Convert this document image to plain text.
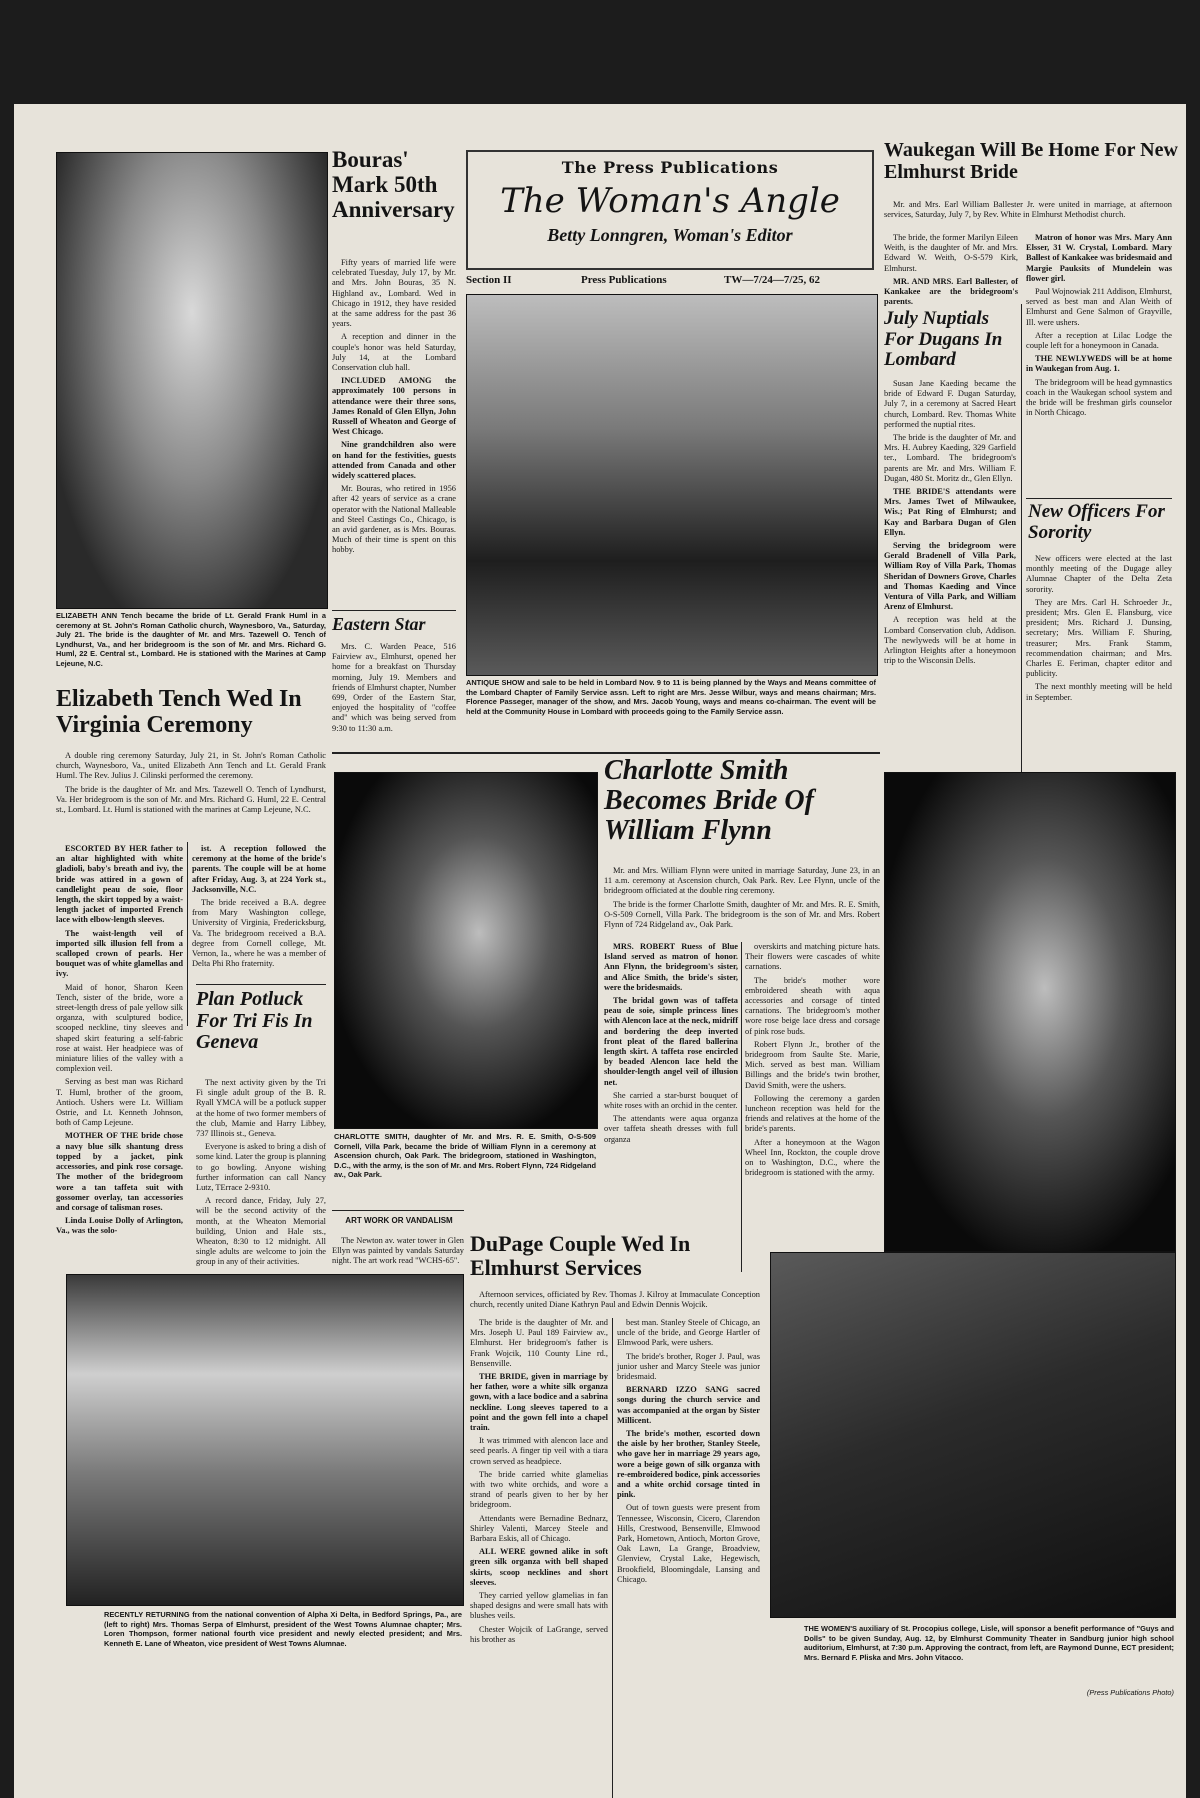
ELIZABETH ANN Tench became the bride of Lt. Gerald Frank Huml in a ceremony at St. John's Roman Catholic church, Waynesboro, Va., Saturday, July 21. The bride is the daughter of Mr. and Mrs. Tazewell O. Tench of Lyndhurst, Va., and her bridegroom is the son of Mr. and Mrs. Richard G. Huml, 22 E. Central st., Lombard. He is stationed with the Marines at Camp Lejeune, N.C.
Elizabeth Tench Wed In Virginia Ceremony

A double ring ceremony Saturday, July 21, in St. John's Roman Catholic church, Waynesboro, Va., united Elizabeth Ann Tench and Lt. Gerald Frank Huml. The Rev. Julius J. Cilinski performed the ceremony.

The bride is the daughter of Mr. and Mrs. Tazewell O. Tench of Lyndhurst, Va. Her bridegroom is the son of Mr. and Mrs. Richard G. Huml, 22 E. Central st., Lombard. Lt. Huml is stationed with the marines at Camp Lejeune, N.C.

ESCORTED BY HER father to an altar highlighted with white gladioli, baby's breath and ivy, the bride was attired in a gown of candlelight peau de soie, floor length, the skirt topped by a waist-length jacket of imported French lace with elbow-length sleeves.

The waist-length veil of imported silk illusion fell from a scalloped crown of pearls. Her bouquet was of white glamellas and ivy.

Maid of honor, Sharon Keen Tench, sister of the bride, wore a street-length dress of pale yellow silk organza, with sculptured bodice, scooped neckline, tiny sleeves and shaped skirt featuring a self-fabric rose at waist. Her headpiece was of miniature lilies of the valley with a complexion veil.

Serving as best man was Richard T. Huml, brother of the groom, Antioch. Ushers were Lt. William Ostrie, and Lt. Kenneth Johnson, both of Camp Lejeune.

MOTHER OF THE bride chose a navy blue silk shantung dress topped by a jacket, pink accessories, and pink rose corsage. The mother of the bridegroom wore a tan taffeta suit with gossomer overlay, tan accessories and corsage of talisman roses.

Linda Louise Dolly of Arlington, Va., was the solo-

ist. A reception followed the ceremony at the home of the bride's parents. The couple will be at home after Friday, Aug. 3, at 224 York st., Jacksonville, N.C.

The bride received a B.A. degree from Mary Washington college, University of Virginia, Fredericksburg, Va. The bridegroom received a B.A. degree from Cornell college, Mt. Vernon, Ia., where he was a member of Delta Phi Rho fraternity.

Plan Potluck For Tri Fis In Geneva

The next activity given by the Tri Fi single adult group of the B. R. Ryall YMCA will be a potluck supper at the home of two former members of the club, Mamie and Harry Libbey, 737 Illinois st., Geneva.

Everyone is asked to bring a dish of some kind. Later the group is planning to go bowling. Anyone wishing further information can call Nancy Lutz, TErrace 2-9310.

A record dance, Friday, July 27, will be the second activity of the month, at the Wheaton Memorial building, Union and Hale sts., Wheaton, 8:30 to 12 midnight. All single adults are welcome to join the group in any of their activities.

Bouras' Mark 50th Anniversary

Fifty years of married life were celebrated Tuesday, July 17, by Mr. and Mrs. John Bouras, 35 N. Highland av., Lombard. Wed in Chicago in 1912, they have resided at the same address for the past 36 years.

A reception and dinner in the couple's honor was held Saturday, July 14, at the Lombard Conservation club hall.

INCLUDED AMONG the approximately 100 persons in attendance were their three sons, James Ronald of Glen Ellyn, John Russell of Wheaton and George of West Chicago.

Nine grandchildren also were on hand for the festivities, guests attended from Canada and other widely scattered places.

Mr. Bouras, who retired in 1956 after 42 years of service as a crane operator with the National Malleable and Steel Castings Co., Chicago, is an avid gardener, as is Mrs. Bouras. Much of their time is spent on this hobby.

Eastern Star

Mrs. C. Warden Peace, 516 Fairview av., Elmhurst, opened her home for a breakfast on Thursday morning, July 19. Members and friends of Elmhurst chapter, Number 699, Order of the Eastern Star, enjoyed the hospitality of "coffee and" which was being served from 9:30 to 11:30 a.m.

The Press Publications
The Woman's Angle
Betty Lonngren, Woman's Editor
Section II	Press Publications	TW—7/24—7/25, 62
ANTIQUE SHOW and sale to be held in Lombard Nov. 9 to 11 is being planned by the Ways and Means committee of the Lombard Chapter of Family Service assn. Left to right are Mrs. Jesse Wilbur, ways and means chairman; Mrs. Florence Passeger, manager of the show, and Mrs. Jacob Young, ways and means co-chairman. The event will be held at the Community House in Lombard with proceeds going to the Family Service assn.
Waukegan Will Be Home For New Elmhurst Bride

Mr. and Mrs. Earl William Ballester Jr. were united in marriage, at afternoon services, Saturday, July 7, by Rev. White in Elmhurst Methodist church.

The bride, the former Marilyn Eileen Weith, is the daughter of Mr. and Mrs. Edward W. Weith, O-S-579 Kirk, Elmhurst.

MR. AND MRS. Earl Ballester, of Kankakee are the bridegroom's parents.

Matron of honor was Mrs. Mary Ann Elsser, 31 W. Crystal, Lombard. Mary Ballest of Kankakee was bridesmaid and Margie Pauksits of Mundelein was flower girl.

Paul Wojnowiak 211 Addison, Elmhurst, served as best man and Alan Weith of Elmhurst and Gene Salmon of Grayville, Ill. were ushers.

After a reception at Lilac Lodge the couple left for a honeymoon in Canada.

THE NEWLYWEDS will be at home in Waukegan from Aug. 1.

The bridegroom will be head gymnastics coach in the Waukegan school system and the bride will be freshman girls counselor in North Chicago.

July Nuptials For Dugans In Lombard

Susan Jane Kaeding became the bride of Edward F. Dugan Saturday, July 7, in a ceremony at Sacred Heart church, Lombard. Rev. Thomas White performed the nuptial rites.

The bride is the daughter of Mr. and Mrs. H. Aubrey Kaeding, 329 Garfield ter., Lombard. The bridegroom's parents are Mr. and Mrs. William F. Dugan, 480 St. Moritz dr., Glen Ellyn.

THE BRIDE'S attendants were Mrs. James Twet of Milwaukee, Wis.; Pat Ring of Elmhurst; and Kay and Barbara Dugan of Glen Ellyn.

Serving the bridegroom were Gerald Bradenell of Villa Park, William Roy of Villa Park, Thomas Sheridan of Downers Grove, Charles and Thomas Kaeding and Vince Ventura of Villa Park, and William Arenz of Elmhurst.

A reception was held at the Lombard Conservation club, Addison. The newlyweds will be at home in Arlington Heights after a honeymoon trip to the Wisconsin Dells.

New Officers For Sorority

New officers were elected at the last monthly meeting of the Dugage alley Alumnae Chapter of the Delta Zeta sorority.

They are Mrs. Carl H. Schroeder Jr., president; Mrs. Glen E. Flansburg, vice president; Mrs. Richard J. Dunsing, secretary; Mrs. William F. Shuring, treasurer; Mrs. Frank Stamm, recommendation chairman; and Mrs. Charles E. Feriman, chapter editor and publicity.

The next monthly meeting will be held in September.

CHARLOTTE SMITH, daughter of Mr. and Mrs. R. E. Smith, O-S-509 Cornell, Villa Park, became the bride of William Flynn in a ceremony at Ascension church, Oak Park. The bridegroom, stationed in Washington, D.C., with the army, is the son of Mr. and Mrs. Robert Flynn, 724 Ridgeland av., Oak Park.
Charlotte Smith Becomes Bride Of William Flynn

Mr. and Mrs. William Flynn were united in marriage Saturday, June 23, in an 11 a.m. ceremony at Ascension church, Oak Park. Rev. Lee Flynn, uncle of the bridegroom officiated at the double ring ceremony.

The bride is the former Charlotte Smith, daughter of Mr. and Mrs. R. E. Smith, O-S-509 Cornell, Villa Park. The bridegroom is the son of Mr. and Mrs. Robert Flynn of 724 Ridgeland av., Oak Park.

MRS. ROBERT Ruess of Blue Island served as matron of honor. Ann Flynn, the bridegroom's sister, and Alice Smith, the bride's sister, were the bridesmaids.

The bridal gown was of taffeta peau de soie, simple princess lines with Alencon lace at the neck, midriff and bordering the deep inverted front pleat of the flared ballerina length skirt. A taffeta rose encircled by beaded Alencon lace held the shoulder-length angel veil of illusion net.

She carried a star-burst bouquet of white roses with an orchid in the center.

The attendants were aqua organza over taffeta sheath dresses with full organza

overskirts and matching picture hats. Their flowers were cascades of white carnations.

The bride's mother wore embroidered sheath with aqua accessories and corsage of tinted carnations. The bridegroom's mother wore rose beige lace dress and corsage of pink rose buds.

Robert Flynn Jr., brother of the bridegroom from Saulte Ste. Marie, Mich. served as best man. William Billings and the bride's twin brother, David Smith, were the ushers.

Following the ceremony a garden luncheon reception was held for the friends and relatives at the home of the bride's parents.

After a honeymoon at the Wagon Wheel Inn, Rockton, the couple drove on to Washington, D.C., where the bridegroom is stationed with the army.

ART WORK OR VANDALISM

The Newton av. water tower in Glen Ellyn was painted by vandals Saturday night. The art work read "WCHS-65".

RECENTLY RETURNING from the national convention of Alpha Xi Delta, in Bedford Springs, Pa., are (left to right) Mrs. Thomas Serpa of Elmhurst, president of the West Towns Alumnae chapter; Mrs. Loren Thompson, former national fourth vice president and newly elected president; and Mrs. Kenneth E. Lane of Wheaton, vice president of West Towns Alumnae.
DuPage Couple Wed In Elmhurst Services

Afternoon services, officiated by Rev. Thomas J. Kilroy at Immaculate Conception church, recently united Diane Kathryn Paul and Edwin Dennis Wojcik.

The bride is the daughter of Mr. and Mrs. Joseph U. Paul 189 Fairview av., Elmhurst. Her bridegroom's father is Frank Wojcik, 110 County Line rd., Bensenville.

THE BRIDE, given in marriage by her father, wore a white silk organza gown, with a lace bodice and a sabrina neckline. Long sleeves tapered to a point and the gown fell into a chapel train.

It was trimmed with alencon lace and seed pearls. A finger tip veil with a tiara crown served as headpiece.

The bride carried white glamelias with two white orchids, and wore a strand of pearls given to her by her bridegroom.

Attendants were Bernadine Bednarz, Shirley Valenti, Marcey Steele and Barbara Eskis, all of Chicago.

ALL WERE gowned alike in soft green silk organza with bell shaped skirts, scoop necklines and short sleeves.

They carried yellow glamelias in fan shaped designs and were small hats with blushes veils.

Chester Wojcik of LaGrange, served his brother as

best man. Stanley Steele of Chicago, an uncle of the bride, and George Hartler of Elmwood Park, were ushers.

The bride's brother, Roger J. Paul, was junior usher and Marcy Steele was junior bridesmaid.

BERNARD IZZO SANG sacred songs during the church service and was accompanied at the organ by Sister Millicent.

The bride's mother, escorted down the aisle by her brother, Stanley Steele, who gave her in marriage 29 years ago, wore a beige gown of silk organza with re-embroidered bodice, pink accessories and a white orchid corsage tinted in pink.

Out of town guests were present from Tennessee, Wisconsin, Cicero, Clarendon Hills, Crestwood, Bensenville, Elmwood Park, Hometown, Antioch, Morton Grove, Oak Lawn, La Grange, Broadview, Glenview, Crystal Lake, Hegewisch, Brookfield, Bloomingdale, Lansing and Chicago.

THE WOMEN'S auxiliary of St. Procopius college, Lisle, will sponsor a benefit performance of "Guys and Dolls" to be given Sunday, Aug. 12, by Elmhurst Community Theater in Sandburg junior high school auditorium, Elmhurst, at 7:30 p.m. Approving the contract, from left, are Raymond Dunne, ECT president; Mrs. Bernard F. Pliska and Mrs. John Vitacco.
(Press Publications Photo)
